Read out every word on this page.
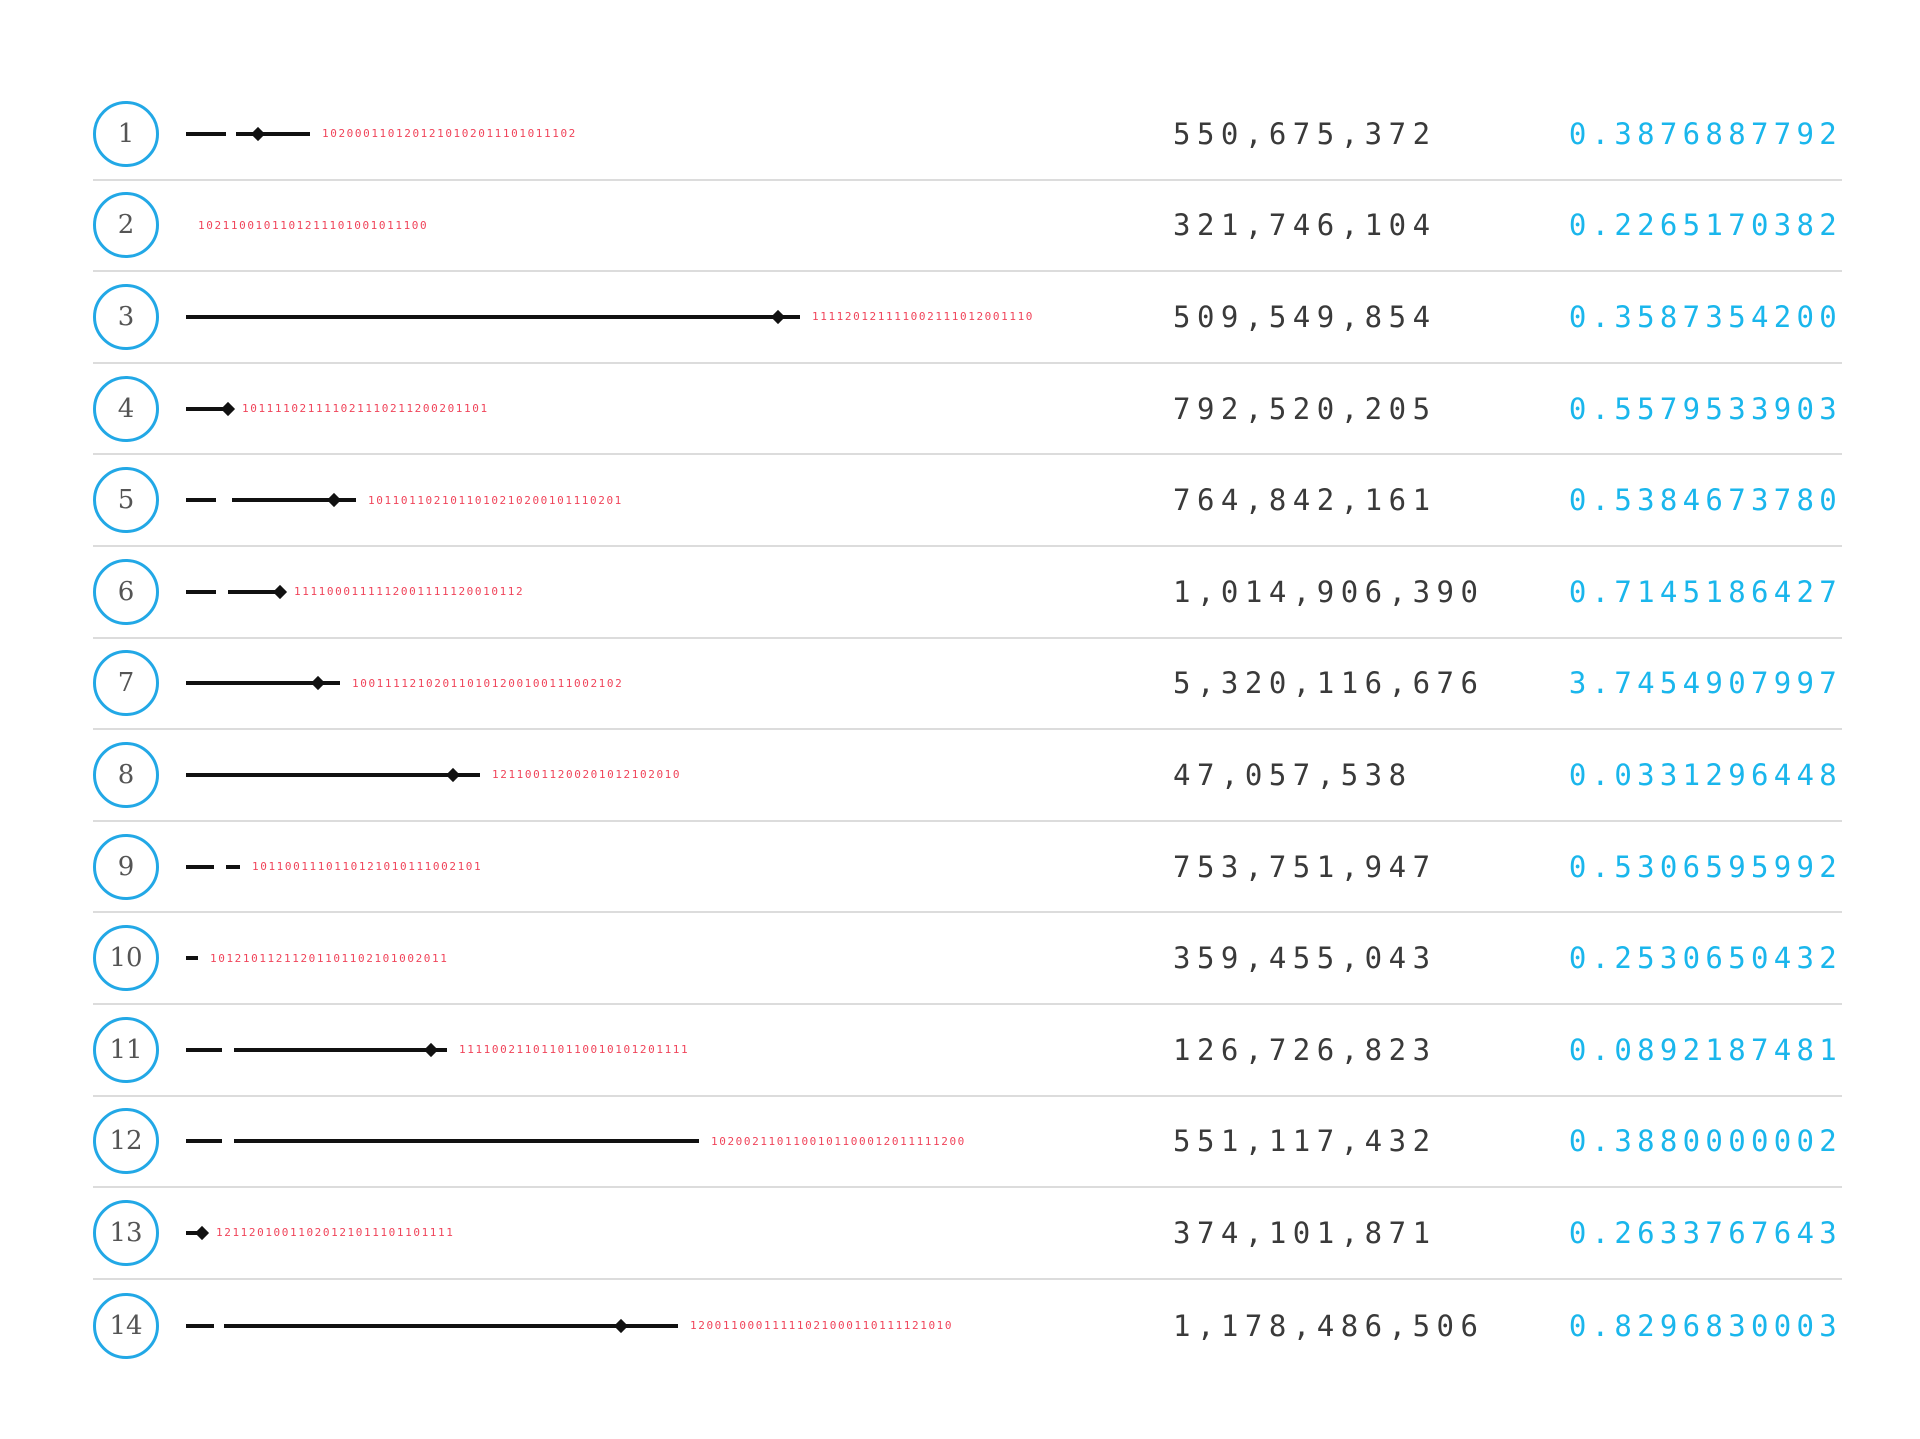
1	1020001101201210102011101011102	550,675,372	0.3876887792
2	1021100101101211101001011100	321,746,104	0.2265170382
3	111120121111002111012001110	509,549,854	0.3587354200
4	101111021111021110211200201101	792,520,205	0.5579533903
5	1011011021011010210200101110201	764,842,161	0.5384673780
6	1111000111112001111120010112	1,014,906,390	0.7145186427
7	100111121020110101200100111002102	5,320,116,676	3.7454907997
8	12110011200201012102010	47,057,538	0.0331296448
9	1011001110110121010111002101	753,751,947	0.5306595992
10	10121011211201101102101002011	359,455,043	0.2530650432
11	1111002110110110010101201111	126,726,823	0.0892187481
12	1020021101100101100012011111200	551,117,432	0.3880000002
13	12112010011020121011101101111	374,101,871	0.2633767643
14	12001100011111021000110111121010	1,178,486,506	0.8296830003
